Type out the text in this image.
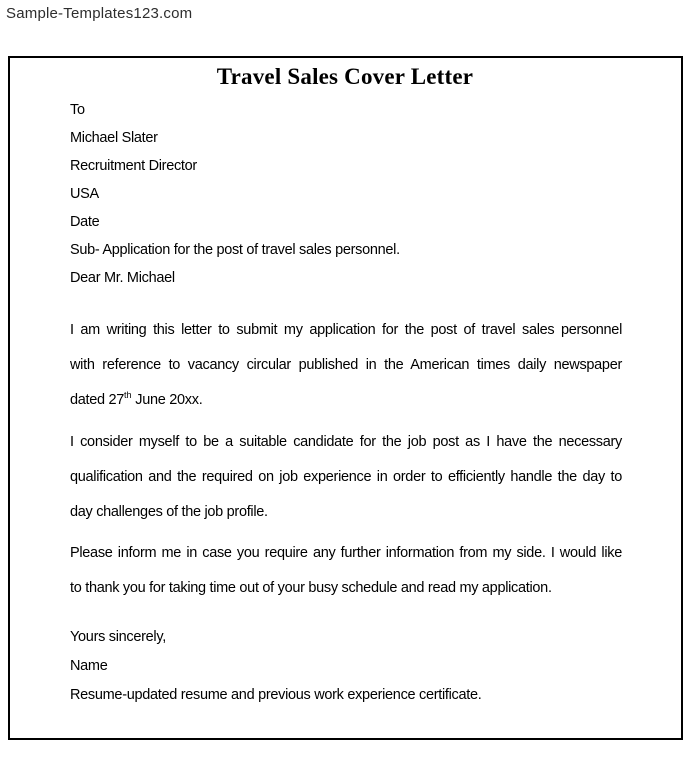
Sample-Templates123.com
Travel Sales Cover Letter
To
Michael Slater
Recruitment Director
USA
Date
Sub- Application for the post of travel sales personnel.
Dear Mr. Michael
I am writing this letter to submit my application for the post of travel sales personnel
with reference to vacancy circular published in the American times daily newspaper
dated 27th June 20xx.
I consider myself to be a suitable candidate for the job post as I have the necessary
qualification and the required on job experience in order to efficiently handle the day to
day challenges of the job profile.
Please inform me in case you require any further information from my side. I would like
to thank you for taking time out of your busy schedule and read my application.
Yours sincerely,
Name
Resume-updated resume and previous work experience certificate.
